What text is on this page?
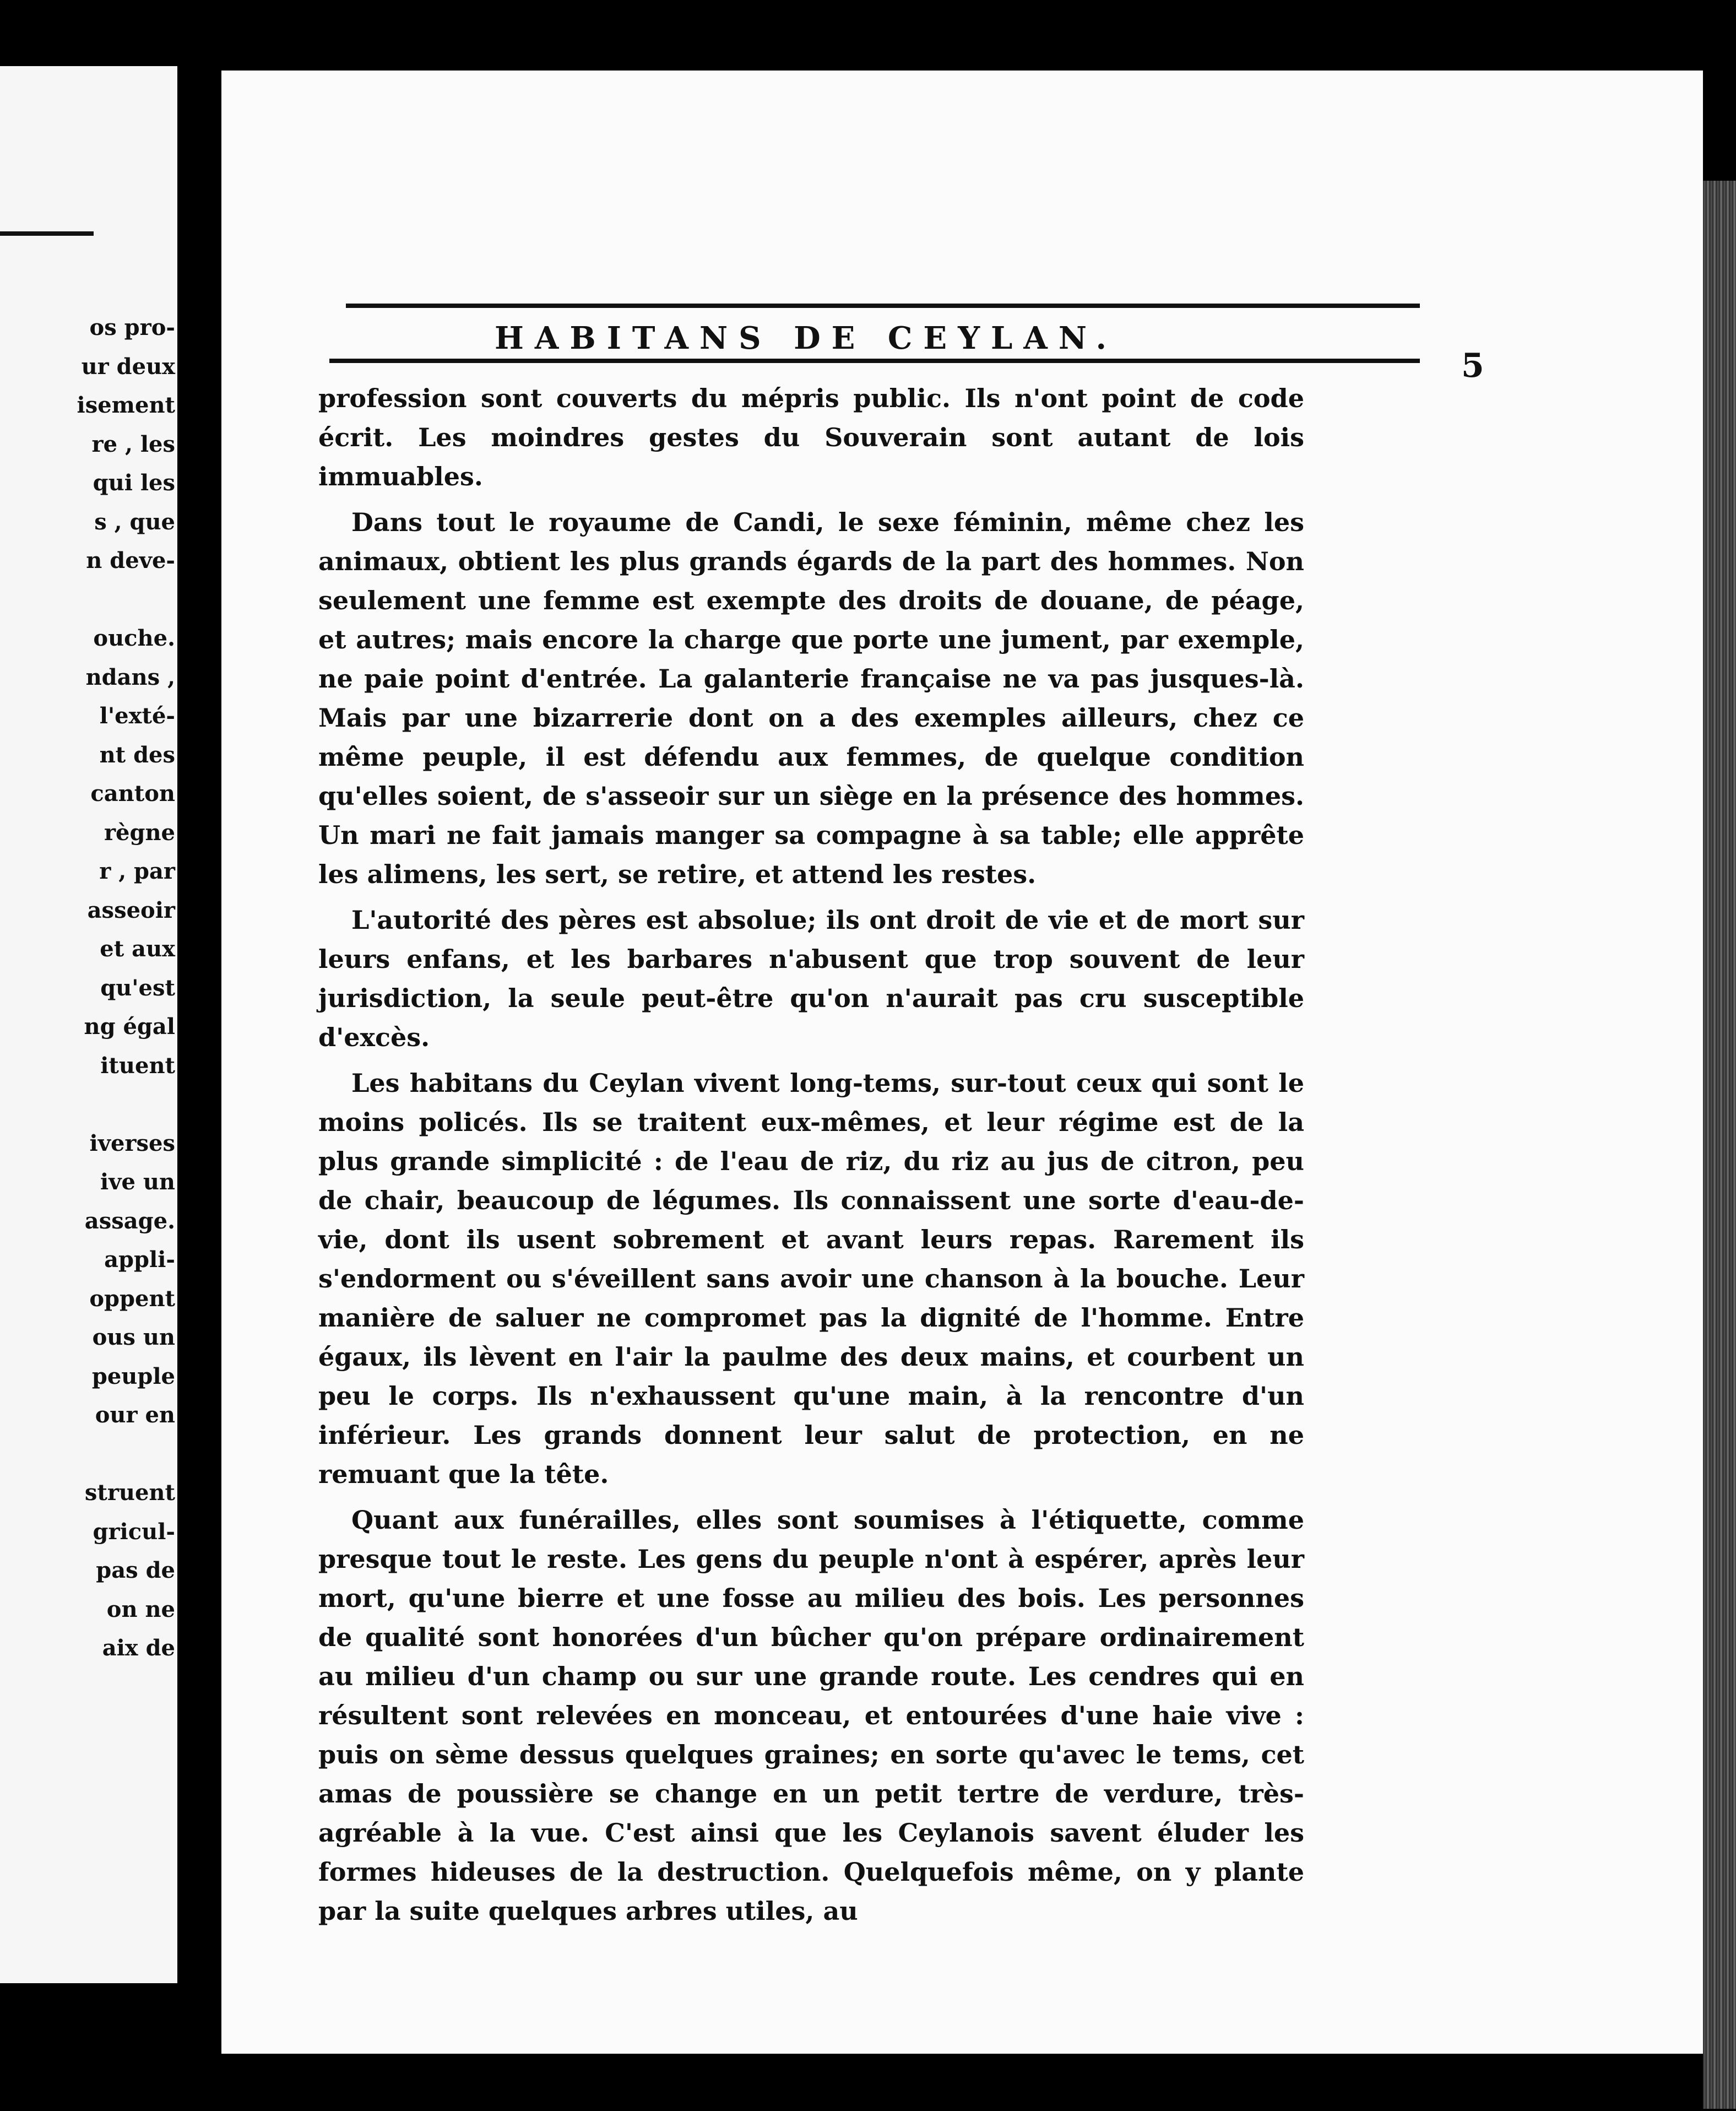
os pro-
ur deux
isement
re , les
qui les
s , que
n deve-
ouche.
ndans ,
l'exté-
nt des
canton
règne
r , par
asseoir
et aux
qu'est
ng égal
ituent
iverses
ive un
assage.
appli-
oppent
ous un
peuple
our en
struent
gricul-
pas de
on ne
aix de
HABITANS DE CEYLAN.
5

profession sont couverts du mépris public. Ils n'ont point de code écrit. Les moindres gestes du Souverain sont autant de lois immuables.

Dans tout le royaume de Candi, le sexe féminin, même chez les animaux, obtient les plus grands égards de la part des hommes. Non seulement une femme est exempte des droits de douane, de péage, et autres; mais encore la charge que porte une jument, par exemple, ne paie point d'entrée. La galanterie française ne va pas jusques-là. Mais par une bizarrerie dont on a des exemples ailleurs, chez ce même peuple, il est défendu aux femmes, de quelque condition qu'elles soient, de s'asseoir sur un siège en la présence des hommes. Un mari ne fait jamais manger sa compagne à sa table; elle apprête les alimens, les sert, se retire, et attend les restes.

L'autorité des pères est absolue; ils ont droit de vie et de mort sur leurs enfans, et les barbares n'abusent que trop souvent de leur jurisdiction, la seule peut-être qu'on n'aurait pas cru susceptible d'excès.

Les habitans du Ceylan vivent long-tems, sur-tout ceux qui sont le moins policés. Ils se traitent eux-mêmes, et leur régime est de la plus grande simplicité : de l'eau de riz, du riz au jus de citron, peu de chair, beaucoup de légumes. Ils connaissent une sorte d'eau-de-vie, dont ils usent sobrement et avant leurs repas. Rarement ils s'endorment ou s'éveillent sans avoir une chanson à la bouche. Leur manière de saluer ne compromet pas la dignité de l'homme. Entre égaux, ils lèvent en l'air la paulme des deux mains, et courbent un peu le corps. Ils n'exhaussent qu'une main, à la rencontre d'un inférieur. Les grands donnent leur salut de protection, en ne remuant que la tête.

Quant aux funérailles, elles sont soumises à l'étiquette, comme presque tout le reste. Les gens du peuple n'ont à espérer, après leur mort, qu'une bierre et une fosse au milieu des bois. Les personnes de qualité sont honorées d'un bûcher qu'on prépare ordinairement au milieu d'un champ ou sur une grande route. Les cendres qui en résultent sont relevées en monceau, et entourées d'une haie vive : puis on sème dessus quelques graines; en sorte qu'avec le tems, cet amas de poussière se change en un petit tertre de verdure, très-agréable à la vue. C'est ainsi que les Ceylanois savent éluder les formes hideuses de la destruction. Quelquefois même, on y plante par la suite quelques arbres utiles, au
